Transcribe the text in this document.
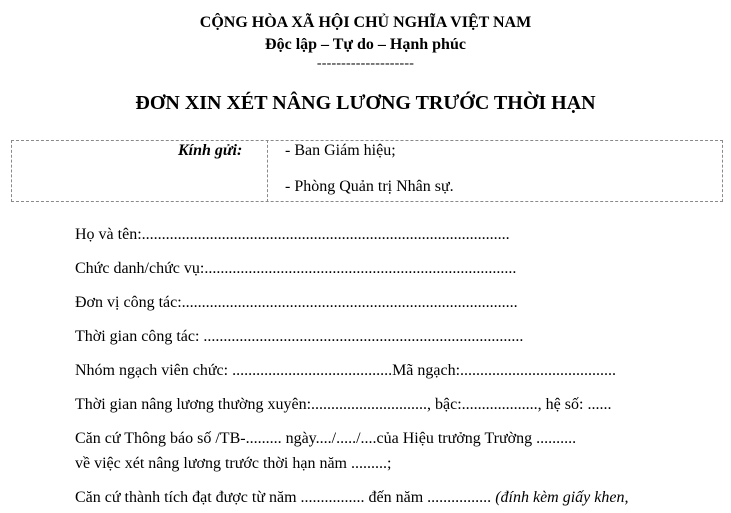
CỘNG HÒA XÃ HỘI CHỦ NGHĨA VIỆT NAM
Độc lập – Tự do – Hạnh phúc
--------------------
ĐƠN XIN XÉT NÂNG LƯƠNG TRƯỚC THỜI HẠN
Kính gửi:	- Ban Giám hiệu;
- Phòng Quản trị Nhân sự.
Họ và tên:............................................................................................
Chức danh/chức vụ:..............................................................................
Đơn vị công tác:....................................................................................
Thời gian công tác: ................................................................................
Nhóm ngạch viên chức: ........................................Mã ngạch:.......................................
Thời gian nâng lương thường xuyên:............................., bậc:..................., hệ số: ......
Căn cứ Thông báo số /TB-......... ngày..../...../....của Hiệu trưởng Trường ..........
về việc xét nâng lương trước thời hạn năm .........;
Căn cứ thành tích đạt được từ năm ................ đến năm ................ (đính kèm giấy khen,
